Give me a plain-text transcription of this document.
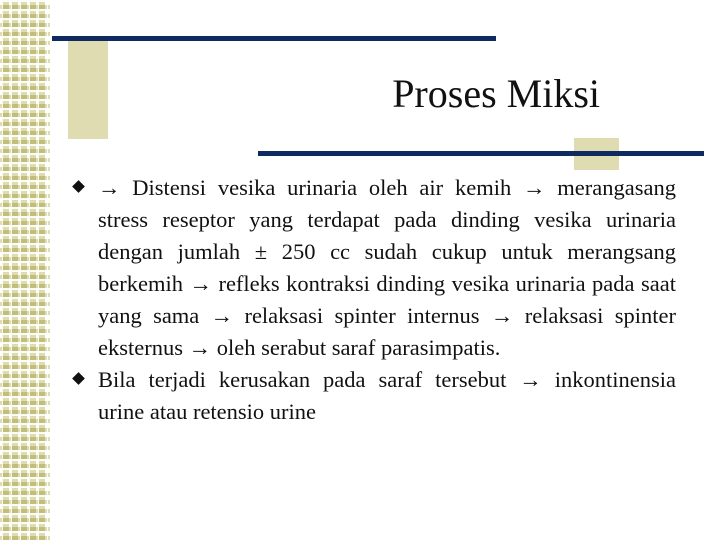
Proses Miksi
→ Distensi vesika urinaria oleh air kemih → merangasang stress reseptor yang terdapat pada dinding vesika urinaria dengan jumlah ± 250 cc sudah cukup untuk merangsang berkemih → refleks kontraksi dinding vesika urinaria pada saat yang sama → relaksasi spinter internus → relaksasi spinter eksternus → oleh serabut saraf parasimpatis.
Bila terjadi kerusakan pada saraf tersebut → inkontinensia urine atau retensio urine
